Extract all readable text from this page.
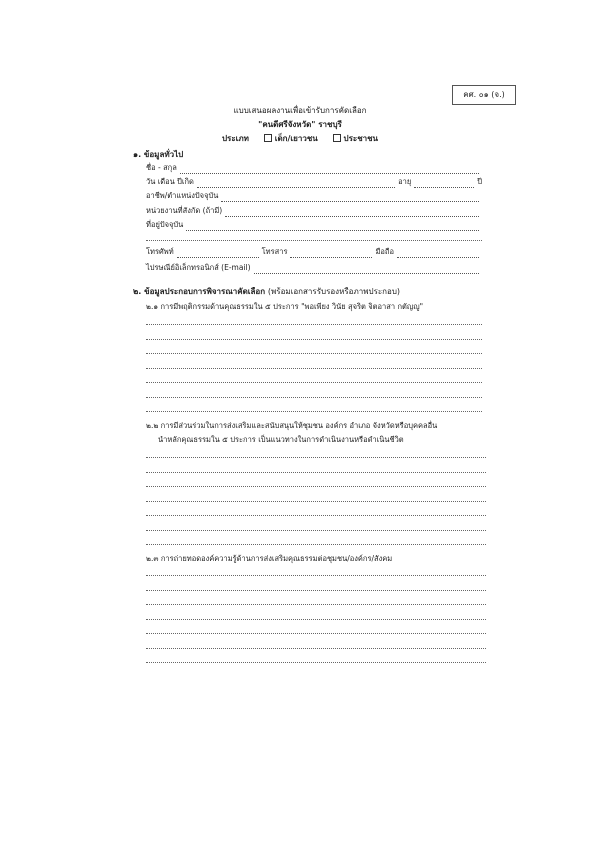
คศ. ๐๑ (จ.)
แบบเสนอผลงานเพื่อเข้ารับการคัดเลือก
"คนดีศรีจังหวัด" ราชบุรี
ประเภท	เด็ก/เยาวชน	ประชาชน
๑. ข้อมูลทั่วไป
ชื่อ - สกุล
วัน เดือน ปีเกิด	อายุ	ปี
อาชีพ/ตำแหน่งปัจจุบัน
หน่วยงานที่สังกัด (ถ้ามี)
ที่อยู่ปัจจุบัน
โทรศัพท์	โทรสาร	มือถือ
ไปรษณีย์อิเล็กทรอนิกส์ (E-mail)
๒. ข้อมูลประกอบการพิจารณาคัดเลือก (พร้อมเอกสารรับรองหรือภาพประกอบ)
๒.๑ การมีพฤติกรรมด้านคุณธรรมใน ๕ ประการ "พอเพียง วินัย สุจริต จิตอาสา กตัญญู"
๒.๒ การมีส่วนร่วมในการส่งเสริมและสนับสนุนให้ชุมชน องค์กร อำเภอ จังหวัดหรือบุคคลอื่น
นำหลักคุณธรรมใน ๕ ประการ เป็นแนวทางในการดำเนินงานหรือดำเนินชีวิต
๒.๓ การถ่ายทอดองค์ความรู้ด้านการส่งเสริมคุณธรรมต่อชุมชน/องค์กร/สังคม
